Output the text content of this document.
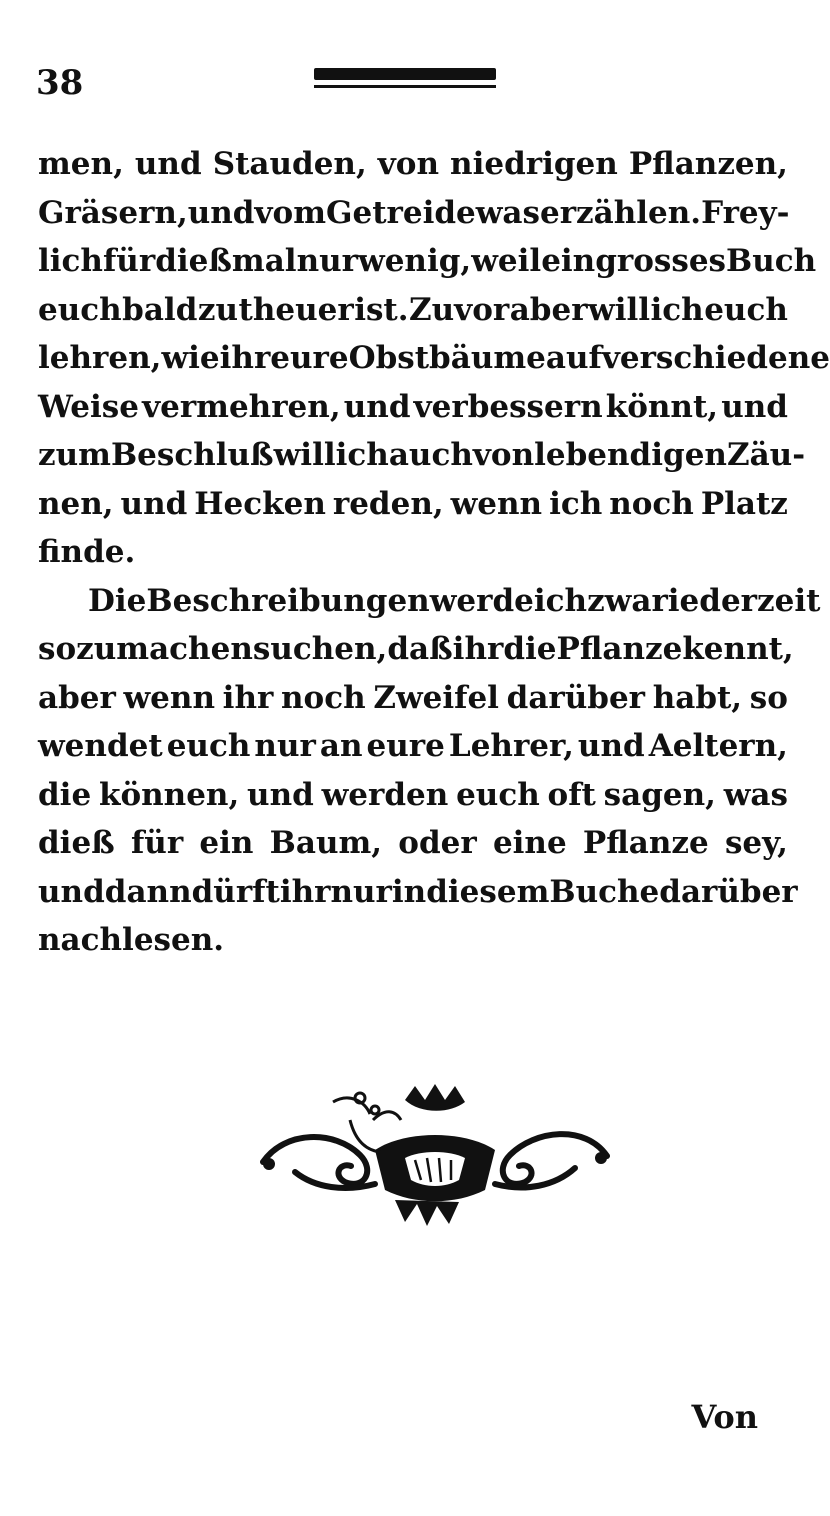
38
men, und Stauden, von niedrigen Pflanzen,
Gräsern, und vom Getreide was erzählen. Frey-
lich für dießmal nur wenig, weil ein grosses Buch
euch bald zu theuer ist. Zuvor aber will ich euch
lehren, wie ihr eure Obstbäume auf verschiedene
Weise vermehren, und verbessern könnt, und
zum Beschluß will ich auch von lebendigen Zäu-
nen, und Hecken reden, wenn ich noch Platz
finde.
Die Beschreibungen werde ich zwar iederzeit
so zu machen suchen, daß ihr die Pflanze kennt,
aber wenn ihr noch Zweifel darüber habt, so
wendet euch nur an eure Lehrer, und Aeltern,
die können, und werden euch oft sagen, was
dieß für ein Baum, oder eine Pflanze sey,
und dann dürft ihr nur in diesem Buche darüber
nachlesen.
Von
